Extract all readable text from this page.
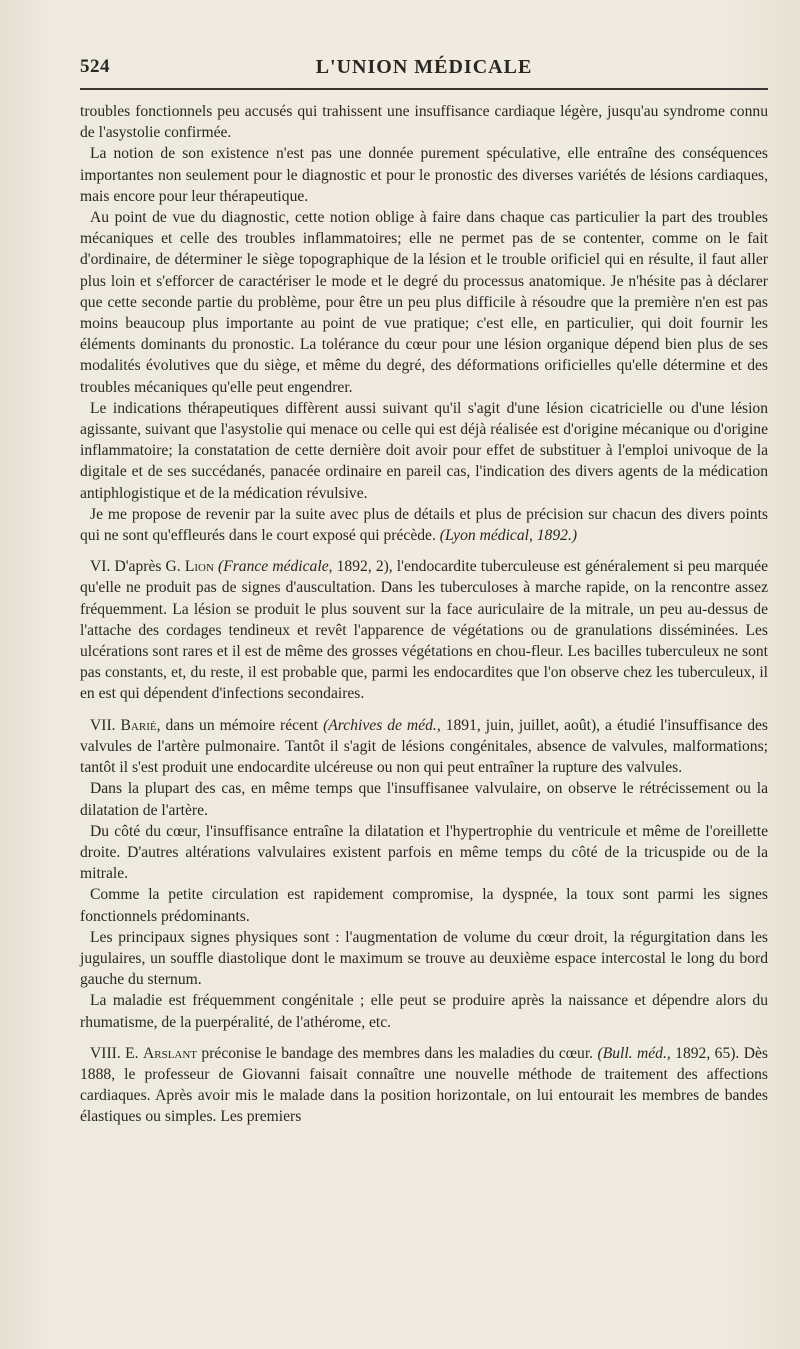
524	L'UNION MÉDICALE

troubles fonctionnels peu accusés qui trahissent une insuffisance cardiaque légère, jusqu'au syndrome connu de l'asystolie confirmée.

La notion de son existence n'est pas une donnée purement spéculative, elle entraîne des conséquences importantes non seulement pour le diagnostic et pour le pronostic des diverses variétés de lésions cardiaques, mais encore pour leur thérapeutique.

Au point de vue du diagnostic, cette notion oblige à faire dans chaque cas particulier la part des troubles mécaniques et celle des troubles inflammatoires; elle ne permet pas de se contenter, comme on le fait d'ordinaire, de déterminer le siège topographique de la lésion et le trouble orificiel qui en résulte, il faut aller plus loin et s'efforcer de caractériser le mode et le degré du processus anatomique. Je n'hésite pas à déclarer que cette seconde partie du problème, pour être un peu plus difficile à résoudre que la première n'en est pas moins beaucoup plus importante au point de vue pratique; c'est elle, en particulier, qui doit fournir les éléments dominants du pronostic. La tolérance du cœur pour une lésion organique dépend bien plus de ses modalités évolutives que du siège, et même du degré, des déformations orificielles qu'elle détermine et des troubles mécaniques qu'elle peut engendrer.

Le indications thérapeutiques diffèrent aussi suivant qu'il s'agit d'une lésion cicatricielle ou d'une lésion agissante, suivant que l'asystolie qui menace ou celle qui est déjà réalisée est d'origine mécanique ou d'origine inflammatoire; la constatation de cette dernière doit avoir pour effet de substituer à l'emploi univoque de la digitale et de ses succédanés, panacée ordinaire en pareil cas, l'indication des divers agents de la médication antiphlogistique et de la médication révulsive.

Je me propose de revenir par la suite avec plus de détails et plus de précision sur chacun des divers points qui ne sont qu'effleurés dans le court exposé qui précède. (Lyon médical, 1892.)

VI. D'après G. Lion (France médicale, 1892, 2), l'endocardite tuberculeuse est généralement si peu marquée qu'elle ne produit pas de signes d'auscultation. Dans les tuberculoses à marche rapide, on la rencontre assez fréquemment. La lésion se produit le plus souvent sur la face auriculaire de la mitrale, un peu au-dessus de l'attache des cordages tendineux et revêt l'apparence de végétations ou de granulations disséminées. Les ulcérations sont rares et il est de même des grosses végétations en chou-fleur. Les bacilles tuberculeux ne sont pas constants, et, du reste, il est probable que, parmi les endocardites que l'on observe chez les tuberculeux, il en est qui dépendent d'infections secondaires.

VII. Barié, dans un mémoire récent (Archives de méd., 1891, juin, juillet, août), a étudié l'insuffisance des valvules de l'artère pulmonaire. Tantôt il s'agit de lésions congénitales, absence de valvules, malformations; tantôt il s'est produit une endocardite ulcéreuse ou non qui peut entraîner la rupture des valvules.

Dans la plupart des cas, en même temps que l'insuffisanee valvulaire, on observe le rétrécissement ou la dilatation de l'artère.

Du côté du cœur, l'insuffisance entraîne la dilatation et l'hypertrophie du ventricule et même de l'oreillette droite. D'autres altérations valvulaires existent parfois en même temps du côté de la tricuspide ou de la mitrale.

Comme la petite circulation est rapidement compromise, la dyspnée, la toux sont parmi les signes fonctionnels prédominants.

Les principaux signes physiques sont : l'augmentation de volume du cœur droit, la régurgitation dans les jugulaires, un souffle diastolique dont le maximum se trouve au deuxième espace intercostal le long du bord gauche du sternum.

La maladie est fréquemment congénitale ; elle peut se produire après la naissance et dépendre alors du rhumatisme, de la puerpéralité, de l'athérome, etc.

VIII. E. Arslant préconise le bandage des membres dans les maladies du cœur. (Bull. méd., 1892, 65). Dès 1888, le professeur de Giovanni faisait connaître une nouvelle méthode de traitement des affections cardiaques. Après avoir mis le malade dans la position horizontale, on lui entourait les membres de bandes élastiques ou simples. Les premiers
